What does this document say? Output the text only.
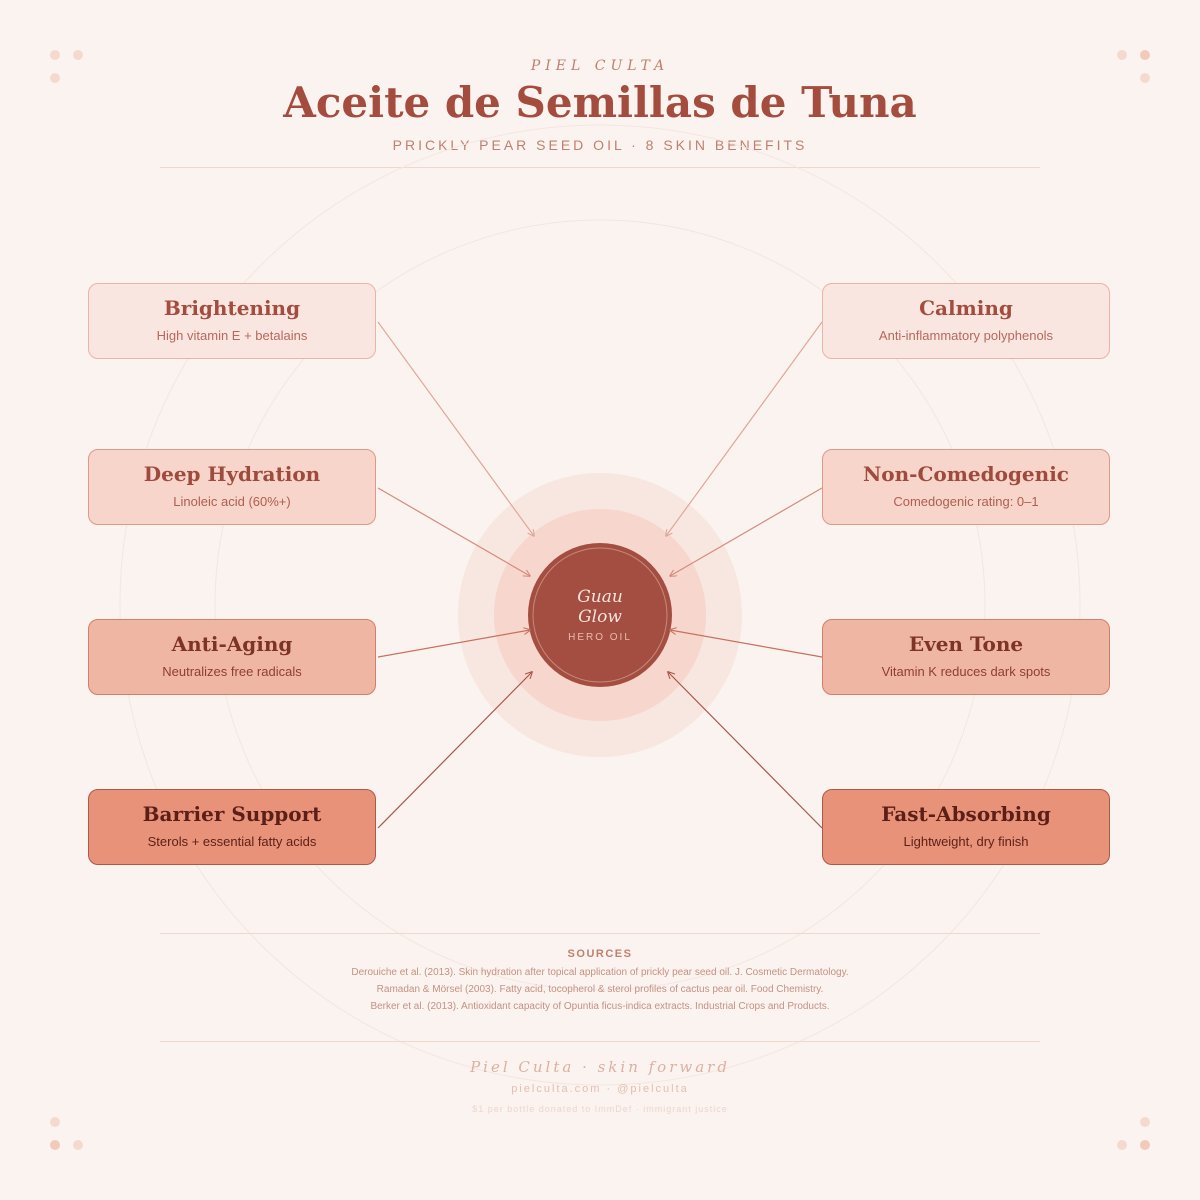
PIEL CULTA
Aceite de Semillas de Tuna
PRICKLY PEAR SEED OIL · 8 SKIN BENEFITS
Guau
Glow
HERO OIL
Brightening
High vitamin E + betalains
Calming
Anti-inflammatory polyphenols
Deep Hydration
Linoleic acid (60%+)
Non-Comedogenic
Comedogenic rating: 0–1
Anti-Aging
Neutralizes free radicals
Even Tone
Vitamin K reduces dark spots
Barrier Support
Sterols + essential fatty acids
Fast-Absorbing
Lightweight, dry finish
SOURCES
Derouiche et al. (2013). Skin hydration after topical application of prickly pear seed oil. J. Cosmetic Dermatology.
Ramadan & Mörsel (2003). Fatty acid, tocopherol & sterol profiles of cactus pear oil. Food Chemistry.
Berker et al. (2013). Antioxidant capacity of Opuntia ficus-indica extracts. Industrial Crops and Products.
Piel Culta · skin forward
pielculta.com · @pielculta
$1 per bottle donated to ImmDef · immigrant justice
